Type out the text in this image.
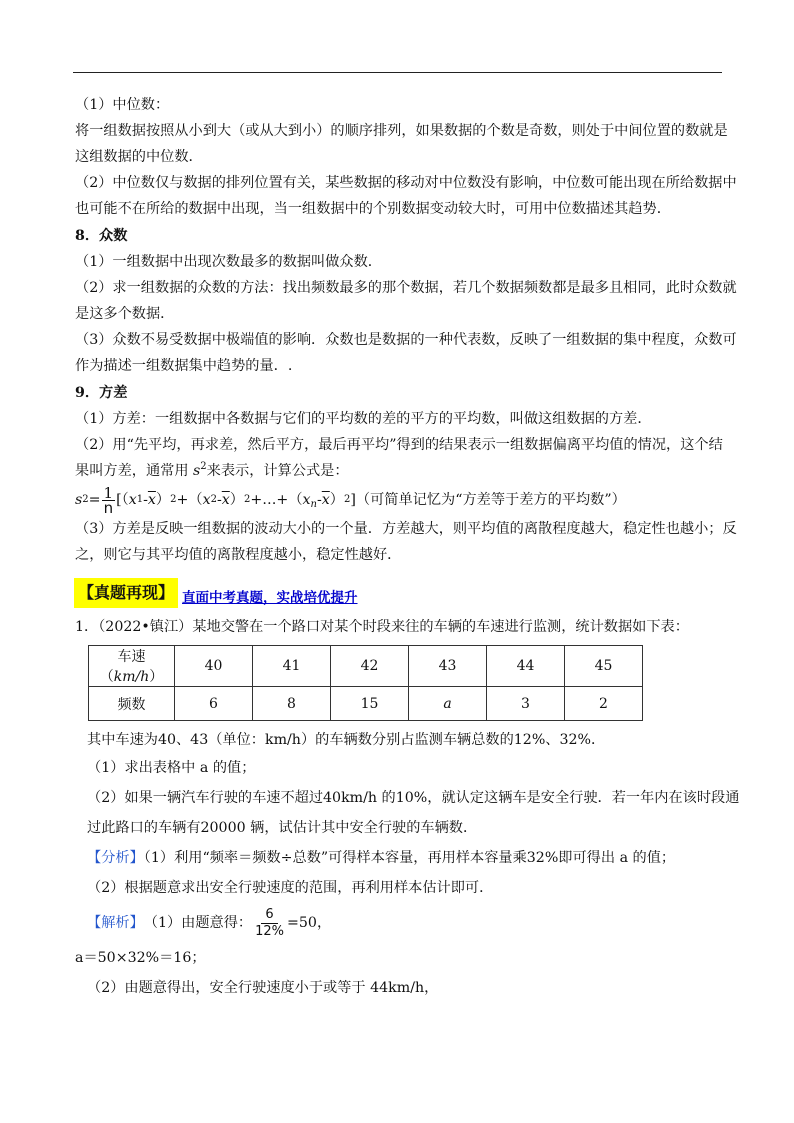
（1）中位数：

将一组数据按照从小到大（或从大到小）的顺序排列，如果数据的个数是奇数，则处于中间位置的数就是

这组数据的中位数．

（2）中位数仅与数据的排列位置有关，某些数据的移动对中位数没有影响，中位数可能出现在所给数据中

也可能不在所给的数据中出现，当一组数据中的个别数据变动较大时，可用中位数描述其趋势．

8．众数

（1）一组数据中出现次数最多的数据叫做众数．

（2）求一组数据的众数的方法：找出频数最多的那个数据，若几个数据频数都是最多且相同，此时众数就

是这多个数据．

（3）众数不易受数据中极端值的影响．众数也是数据的一种代表数，反映了一组数据的集中程度，众数可

作为描述一组数据集中趋势的量．.

9．方差

（1）方差：一组数据中各数据与它们的平均数的差的平方的平均数，叫做这组数据的方差．

（2）用“先平均，再求差，然后平方，最后再平均”得到的结果表示一组数据偏离平均值的情况，这个结

果叫方差，通常用 $s^2$来表示，计算公式是：

s $2 = \frac{1}{n}$ [（ x $1 - \overline{x}$ ） 2 +（ x $2 - \overline{x}$ ） 2 +…+（ $x_n - \overline{x}$ ） 2 ] （可简单记忆为“方差等于差方的平均数”）

（3）方差是反映一组数据的波动大小的一个量．方差越大，则平均值的离散程度越大，稳定性也越小；反

之，则它与其平均值的离散程度越小，稳定性越好．

【真题再现】 直面中考真题，实战培优提升

1．（2022•镇江）某地交警在一个路口对某个时段来往的车辆的车速进行监测，统计数据如下表：

车速（km/h）	40	41	42	43	44	45
频数	6	8	15	a	3	2

其中车速为40、43（单位：km/h）的车辆数分别占监测车辆总数的12%、32%．

（1）求出表格中 a 的值；

（2）如果一辆汽车行驶的车速不超过40km/h 的10%，就认定这辆车是安全行驶．若一年内在该时段通

过此路口的车辆有20000 辆，试估计其中安全行驶的车辆数．

【分析】（1）利用“频率＝频数÷总数”可得样本容量，再用样本容量乘32%即可得出 a 的值；

（2）根据题意求出安全行驶速度的范围，再利用样本估计即可．

【解析】 （1）由题意得： $\frac{6}{12\%} =50$，

a＝50×32%＝16；

（2）由题意得出，安全行驶速度小于或等于 44km/h，
